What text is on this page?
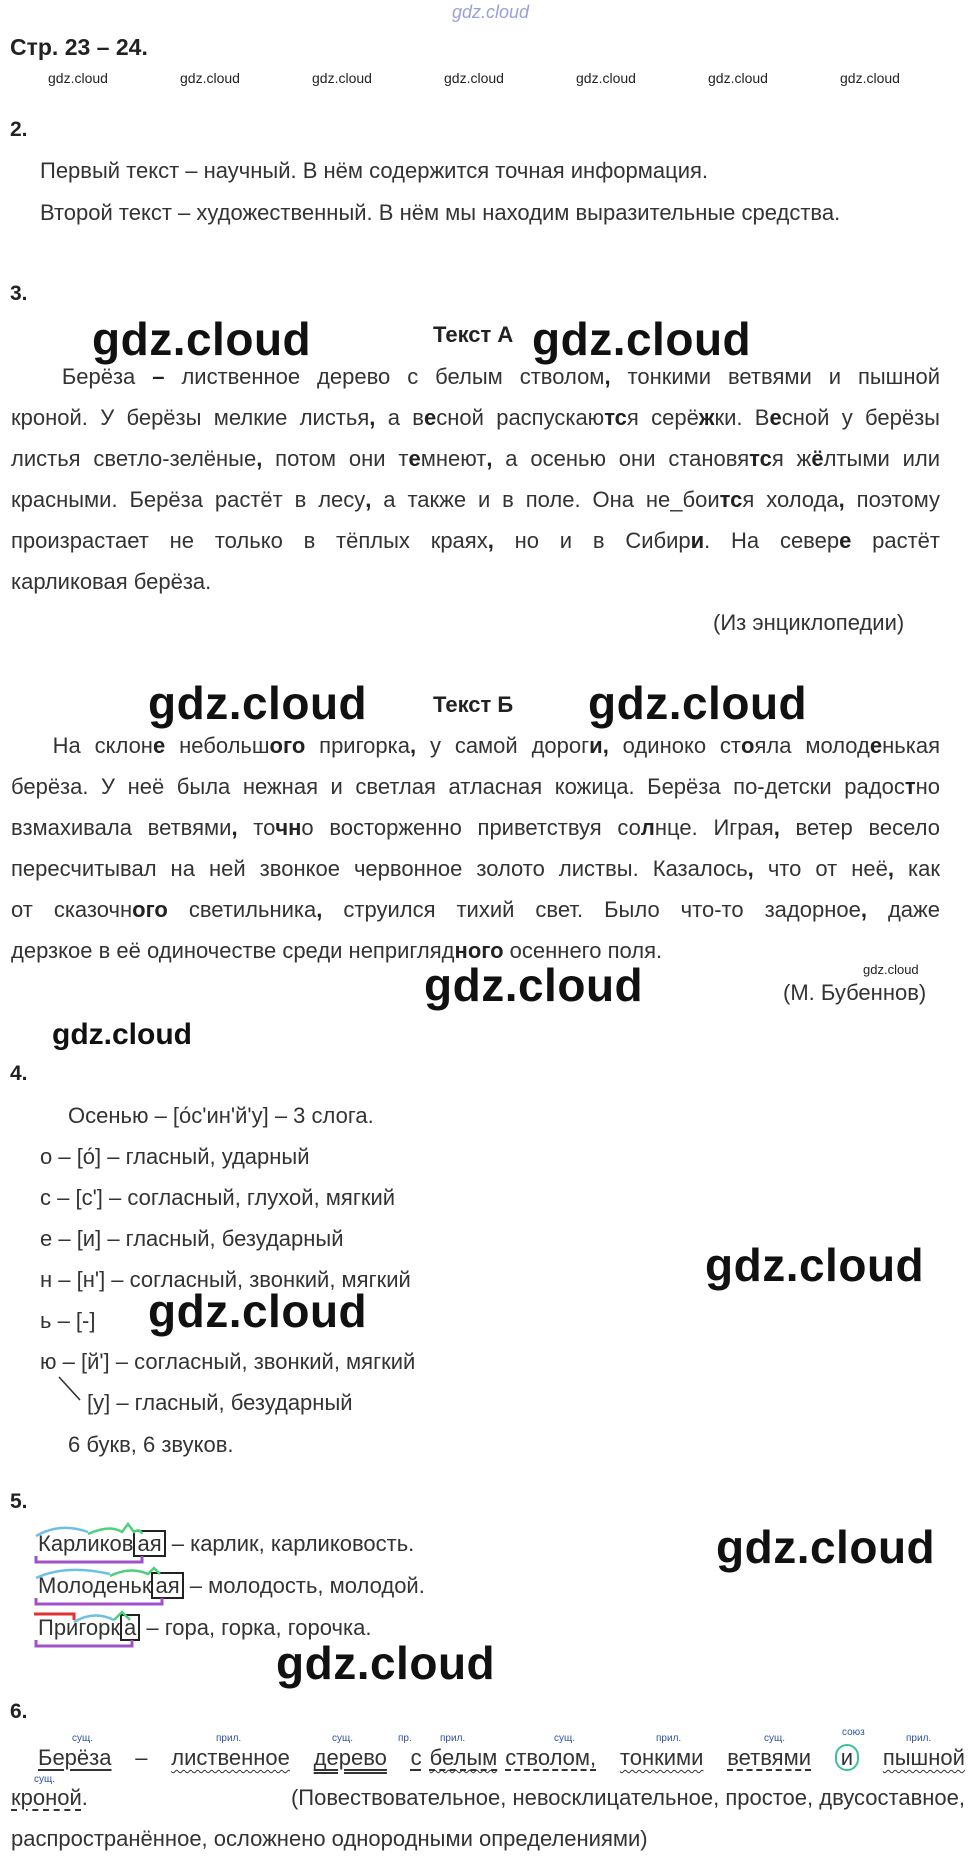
gdz.cloud
Стр. 23 – 24.
gdz.cloud	gdz.cloud	gdz.cloud	gdz.cloud	gdz.cloud	gdz.cloud	gdz.cloud
2.
Первый текст – научный. В нём содержится точная информация.
Второй текст – художественный. В нём мы находим выразительные средства.
3.
gdz.cloud	Текст А gdz.cloud
Берёза – лиственное дерево с белым стволом, тонкими ветвями и пышной
кроной. У берёзы мелкие листья, а весной распускаются серёжки. Весной у берёзы
листья светло-зелёные, потом они темнеют, а осенью они становятся жёлтыми или
красными. Берёза растёт в лесу, а также и в поле. Она не_боится холода, поэтому
произрастает не только в тёплых краях, но и в Сибири. На севере растёт
карликовая берёза.
(Из энциклопедии)
gdz.cloud	Текст Б gdz.cloud
На склоне небольшого пригорка, у самой дороги, одиноко стояла молоденькая
берёза. У неё была нежная и светлая атласная кожица. Берёза по-детски радостно
взмахивала ветвями, точно восторженно приветствуя солнце. Играя, ветер весело
пересчитывал на ней звонкое червонное золото листвы. Казалось, что от неё, как
от сказочного светильника, струился тихий свет. Было что-то задорное, даже
дерзкое в её одиночестве среди неприглядного осеннего поля.
gdz.cloud
gdz.cloud	(М. Бубеннов)
gdz.cloud
4.
Осенью – [о́с'ин'й'у] – 3 слога.
о – [о́] – гласный, ударный
с – [с'] – согласный, глухой, мягкий
е – [и] – гласный, безударный
н – [н'] – согласный, звонкий, мягкий
ь – [-]
ю – [й'] – согласный, звонкий, мягкий
[у] – гласный, безударный
6 букв, 6 звуков.
gdz.cloud
gdz.cloud
5.
Карликов ая – карлик, карликовость.
Молоденьк ая – молодость, молодой.
Пригорк а – гора, горка, горочка.
gdz.cloud
gdz.cloud
6.
сущ.	прил.	сущ.	пр.	прил.	сущ.	прил.	сущ.
союз
прил.
Берёза – лиственное дерево с белым стволом, тонкими ветвями и пышной
сущ.
кроной.	(Повествовательное, невосклицательное, простое, двусоставное,
распространённое, осложнено однородными определениями)
